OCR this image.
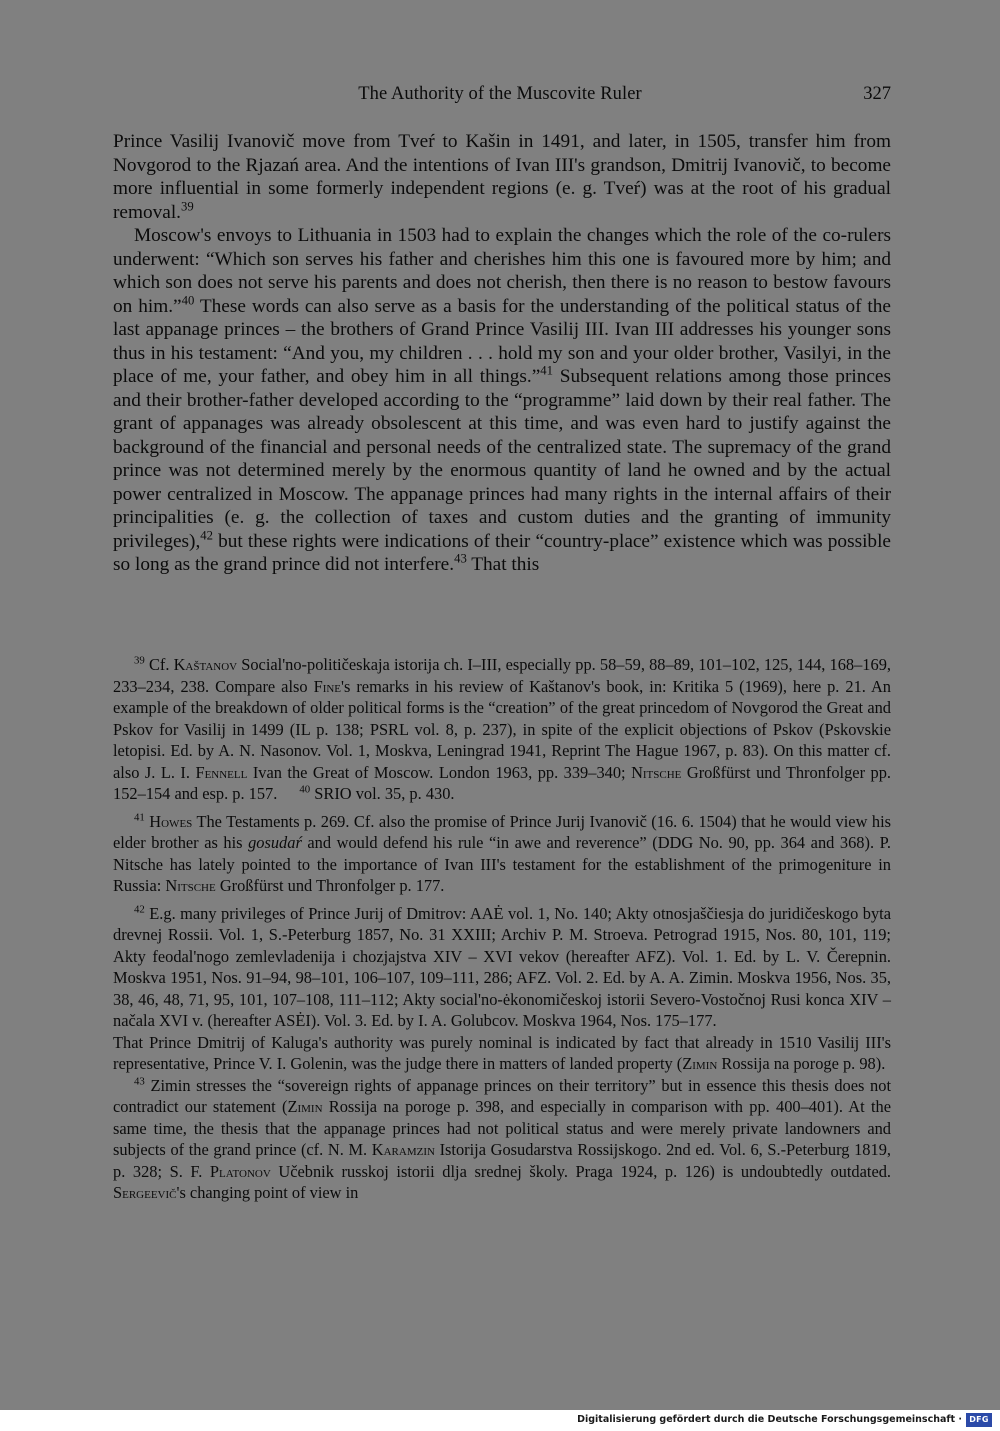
The Authority of the Muscovite Ruler	327

Prince Vasilij Ivanovič move from Tveŕ to Kašin in 1491, and later, in 1505, transfer him from Novgorod to the Rjazań area. And the intentions of Ivan III's grandson, Dmitrij Ivanovič, to become more influential in some formerly independent regions (e. g. Tveŕ) was at the root of his gradual removal.$^{39}$

Moscow's envoys to Lithuania in 1503 had to explain the changes which the role of the co-rulers underwent: “Which son serves his father and cherishes him this one is favoured more by him; and which son does not serve his parents and does not cherish, then there is no reason to bestow favours on him.”$^{40}$ These words can also serve as a basis for the understanding of the political status of the last appanage princes – the brothers of Grand Prince Vasilij III. Ivan III addresses his younger sons thus in his testament: “And you, my children . . . hold my son and your older brother, Vasilyi, in the place of me, your father, and obey him in all things.”$^{41}$ Subsequent relations among those princes and their brother-father developed according to the “programme” laid down by their real father. The grant of appanages was already obsolescent at this time, and was even hard to justify against the background of the financial and personal needs of the centralized state. The supremacy of the grand prince was not determined merely by the enormous quantity of land he owned and by the actual power centralized in Moscow. The appanage princes had many rights in the internal affairs of their principalities (e. g. the collection of taxes and custom duties and the granting of immunity privileges),$^{42}$ but these rights were indications of their “country-place” existence which was possible so long as the grand prince did not interfere.$^{43}$ That this

$^{39}$ Cf. Kaštanov Social'no-političeskaja istorija ch. I–III, especially pp. 58–59, 88–89, 101–102, 125, 144, 168–169, 233–234, 238. Compare also Fine's remarks in his review of Kaštanov's book, in: Kritika 5 (1969), here p. 21. An example of the breakdown of older political forms is the “creation” of the great princedom of Novgorod the Great and Pskov for Vasilij in 1499 (IL p. 138; PSRL vol. 8, p. 237), in spite of the explicit objections of Pskov (Pskovskie letopisi. Ed. by A. N. Nasonov. Vol. 1, Moskva, Leningrad 1941, Reprint The Hague 1967, p. 83). On this matter cf. also J. L. I. Fennell Ivan the Great of Moscow. London 1963, pp. 339–340; Nitsche Großfürst und Thronfolger pp. 152–154 and esp. p. 157. $^{40}$ SRIO vol. 35, p. 430.

$^{41}$ Howes The Testaments p. 269. Cf. also the promise of Prince Jurij Ivanovič (16. 6. 1504) that he would view his elder brother as his gosudaŕ and would defend his rule “in awe and reverence” (DDG No. 90, pp. 364 and 368). P. Nitsche has lately pointed to the importance of Ivan III's testament for the establishment of the primogeniture in Russia: Nitsche Großfürst und Thronfolger p. 177.

$^{42}$ E.g. many privileges of Prince Jurij of Dmitrov: AAĖ vol. 1, No. 140; Akty otnosjaščiesja do juridičeskogo byta drevnej Rossii. Vol. 1, S.-Peterburg 1857, No. 31 XXIII; Archiv P. M. Stroeva. Petrograd 1915, Nos. 80, 101, 119; Akty feodal'nogo zemlevladenija i chozjajstva XIV – XVI vekov (hereafter AFZ). Vol. 1. Ed. by L. V. Čerepnin. Moskva 1951, Nos. 91–94, 98–101, 106–107, 109–111, 286; AFZ. Vol. 2. Ed. by A. A. Zimin. Moskva 1956, Nos. 35, 38, 46, 48, 71, 95, 101, 107–108, 111–112; Akty social'no-ėkonomičeskoj istorii Severo-Vostočnoj Rusi konca XIV – načala XVI v. (hereafter ASĖI). Vol. 3. Ed. by I. A. Golubcov. Moskva 1964, Nos. 175–177.

That Prince Dmitrij of Kaluga's authority was purely nominal is indicated by fact that already in 1510 Vasilij III's representative, Prince V. I. Golenin, was the judge there in matters of landed property (Zimin Rossija na poroge p. 98).

$^{43}$ Zimin stresses the “sovereign rights of appanage princes on their territory” but in essence this thesis does not contradict our statement (Zimin Rossija na poroge p. 398, and especially in comparison with pp. 400–401). At the same time, the thesis that the appanage princes had not political status and were merely private landowners and subjects of the grand prince (cf. N. M. Karamzin Istorija Gosudarstva Rossijskogo. 2nd ed. Vol. 6, S.-Peterburg 1819, p. 328; S. F. Platonov Učebnik russkoj istorii dlja srednej školy. Praga 1924, p. 126) is undoubtedly outdated. Sergeevič's changing point of view in

Digitalisierung gefördert durch die Deutsche Forschungsgemeinschaft · DFG
